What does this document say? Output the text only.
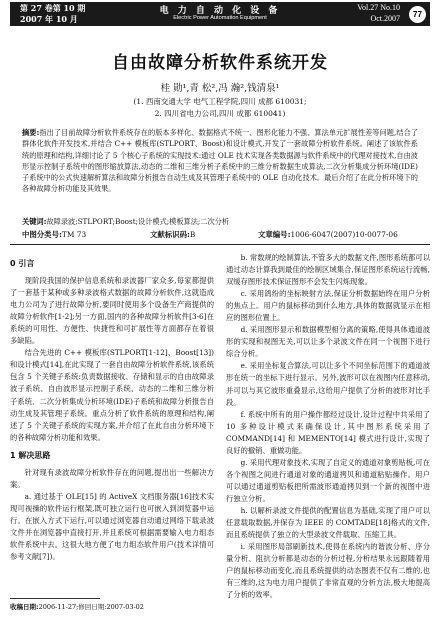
第 27 卷第 10 期
2007 年 10 月
电 力 自 动 化 设 备
Electric Power Automation Equipment
Vol.27 No.10
Oct.2007	77
自由故障分析软件系统开发
桂 勋¹,青 松²,冯 瀚²,钱清泉¹
(1. 西南交通大学 电气工程学院,四川 成都 610031;
2. 四川省电力公司,四川 成都 610041)
摘要:指出了目前故障分析软件系统存在的版本多样化、数据格式不统一、图形化能力不强、算法单元扩展性差等问题,结合了群体化软件开发技术,并结合 C++ 模板库(STLPORT、Boost)和设计模式,开发了一套故障分析软件系统。阐述了该软件系统的原理和结构,详细讨论了 5 个核心子系统的实现技术:通过 OLE 技术实现各类数据源与软件系统中的代理对接技术,自由波形显示控制子系统中的图形缩放算法,动态的二维和三维分析子系统中的三维分析数据生成算法,二次分析集成分析环境(IDE)子系统中的公式快速解析算法和故障分析报告自动生成及其管理子系统中的 OLE 自动化技术。最后介绍了在此分析环境下的各种故障分析功能及其效果。
关键词:故障录波;STLPORT;Boost;设计模式;模板算法;二次分析
中图分类号:TM 73	文献标识码:B	文章编号:1006-6047(2007)10-0077-06
0 引言

现阶段我国的保护信息系统和录波器厂家众多,每家都提供了一套基于某种或多种录波格式数据的故障分析软件,这就造成电力公司为了进行故障分析,要同时使用多个设备生产商提供的故障分析软件[1-2];另一方面,国内的各种故障分析软件[3-6]在系统的可用性、方便性、快捷性和可扩展性等方面都存在着很多缺陷。

结合先进的 C++ 模板库(STLPORT[1-12]、Boost[13])和设计模式[14],在此实现了一套自由故障分析软件系统,该系统包含 5 个关键子系统:负责数据接收、存储和显示的自由故障录波子系统、自由波形显示控制子系统、动态的二维和三维分析子系统、二次分析集成分析环境(IDE)子系统和故障分析报告自动生成及其管理子系统。重点分析了软件系统的原理和结构,阐述了 5 个关键子系统的实现方案,并介绍了在此自由分析环境下的各种故障分析功能和效果。

1 解决思路

针对现有录波故障分析软件存在的问题,提出出一些解决方案。

a. 通过基于 OLE[15] 的 ActiveX 文档服务器[16]技术实现可视操的软件运行框架,既可独立运行也可嵌入到浏览器中运行。在嵌入方式下运行,可以通过浏览器自动通过网络下载录波文件并在浏览器中直接打开,并且系统可根据需要输入电力组态软件系统中去。这很大地方便了电力组态软件用户(技术详情可参考文献[7])。

b. 常数规的绘制算法,不管多大的数据文件,图形系统都可以通过动态计算我到最佳的绘制区域集合,保证图形系统运行流畅,双缓存图形技术保证图形不会发生闪烁现象。

c. 采用鸽纷的坐标映射方法,保证分析数据始终在用户分析的焦点上。用户的鼠标移动到什么地方,具体的数据就显示在相应的图形位置上。

d. 采用图形显示和数据模型相分离的策略,使得具体通道波形的实现和视图无关,可以让多个录波文件在同一个视图下进行综合分析。

e. 采用坐标复合算法,可以让多个不同坐标范围下的通道波形在统一的坐标下进行显示。另外,波形可以在视图内任意移动,并可以与其它波形重叠显示,这给用户提供了分析的波形对比手段。

f. 系统中所有的用户操作都经过设计,设计过程中共采用了 10 多种设计模式来确保设计,其中图形系统采用了 COMMAND[14] 和 MEMENTO[14] 模式进行设计,实现了良好的撤销、重做功能。

g. 采用代理对象技术,实现了自定义的通道对象剪贴板,可在各个视图之间进行通道对象的通道拷贝和通道粘贴操作。用户可以通过通道剪贴板把所需波形通道拷贝到一个新的视图中进行独立分析。

h. 以解析录波文件提供的配置信息为基础,实现了用户可以任意载取数据,并保存为 IEEE 的 COMTADE[18]格式的文件,而且系统提供了独立的大型录波文件载取、压缩工具。

i. 采用图形局部刷新技术,使得在系统内的谐波分析、序分量分析、阻抗分析都是动态的分析过程,分析结果永远跟随着用户的鼠标移动而变化,而且系统提供的动态图表不仅有二维的,也有三维的,这为电力用户提供了非常直观的分析方法,极大地提高了分析的效率。

收稿日期:2006-11-27;修回日期:2007-03-02
